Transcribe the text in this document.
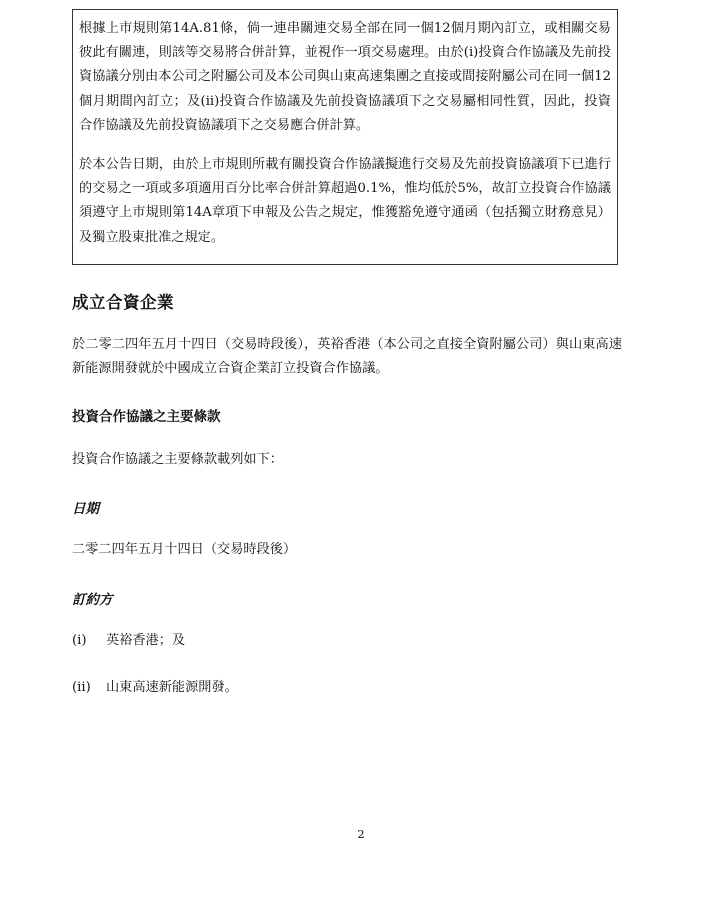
根據上市規則第14A.81條，倘一連串關連交易全部在同一個12個月期內訂立，或相關交易彼此有關連，則該等交易將合併計算，並視作一項交易處理。由於(i)投資合作協議及先前投資協議分別由本公司之附屬公司及本公司與山東高速集團之直接或間接附屬公司在同一個12個月期間內訂立；及(ii)投資合作協議及先前投資協議項下之交易屬相同性質，因此，投資合作協議及先前投資協議項下之交易應合併計算。

於本公告日期，由於上市規則所載有關投資合作協議擬進行交易及先前投資協議項下已進行的交易之一項或多項適用百分比率合併計算超過0.1%，惟均低於5%，故訂立投資合作協議須遵守上市規則第14A章項下申報及公告之規定，惟獲豁免遵守通函（包括獨立財務意見）及獨立股東批准之規定。

成立合資企業

於二零二四年五月十四日（交易時段後），英裕香港（本公司之直接全資附屬公司）與山東高速新能源開發就於中國成立合資企業訂立投資合作協議。

投資合作協議之主要條款

投資合作協議之主要條款載列如下：

日期

二零二四年五月十四日（交易時段後）

訂約方
(i) 英裕香港；及
(ii) 山東高速新能源開發。
2
